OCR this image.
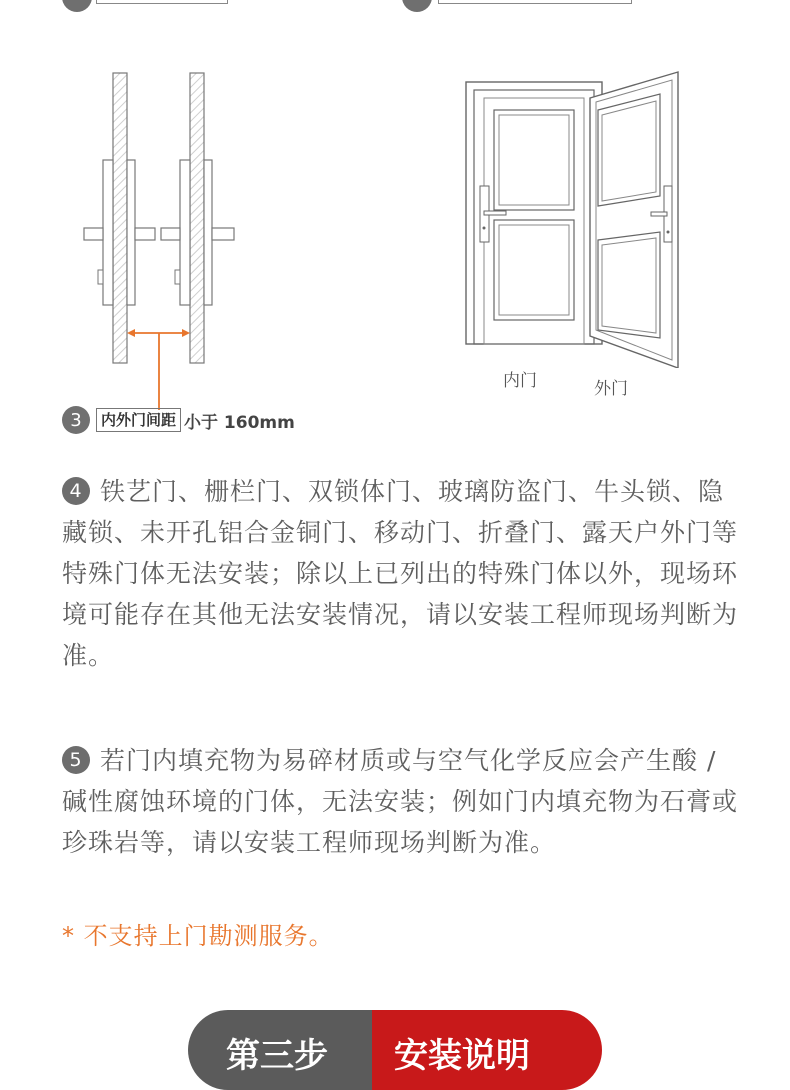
3	内外门间距 小于 160mm
内门	外门
4 铁艺门、栅栏门、双锁体门、玻璃防盗门、牛头锁、隐藏锁、未开孔铝合金铜门、移动门、折叠门、露天户外门等特殊门体无法安装；除以上已列出的特殊门体以外，现场环境可能存在其他无法安装情况，请以安装工程师现场判断为准。
5 若门内填充物为易碎材质或与空气化学反应会产生酸 / 碱性腐蚀环境的门体，无法安装；例如门内填充物为石膏或珍珠岩等，请以安装工程师现场判断为准。
* 不支持上门勘测服务。
第三步	安装说明
